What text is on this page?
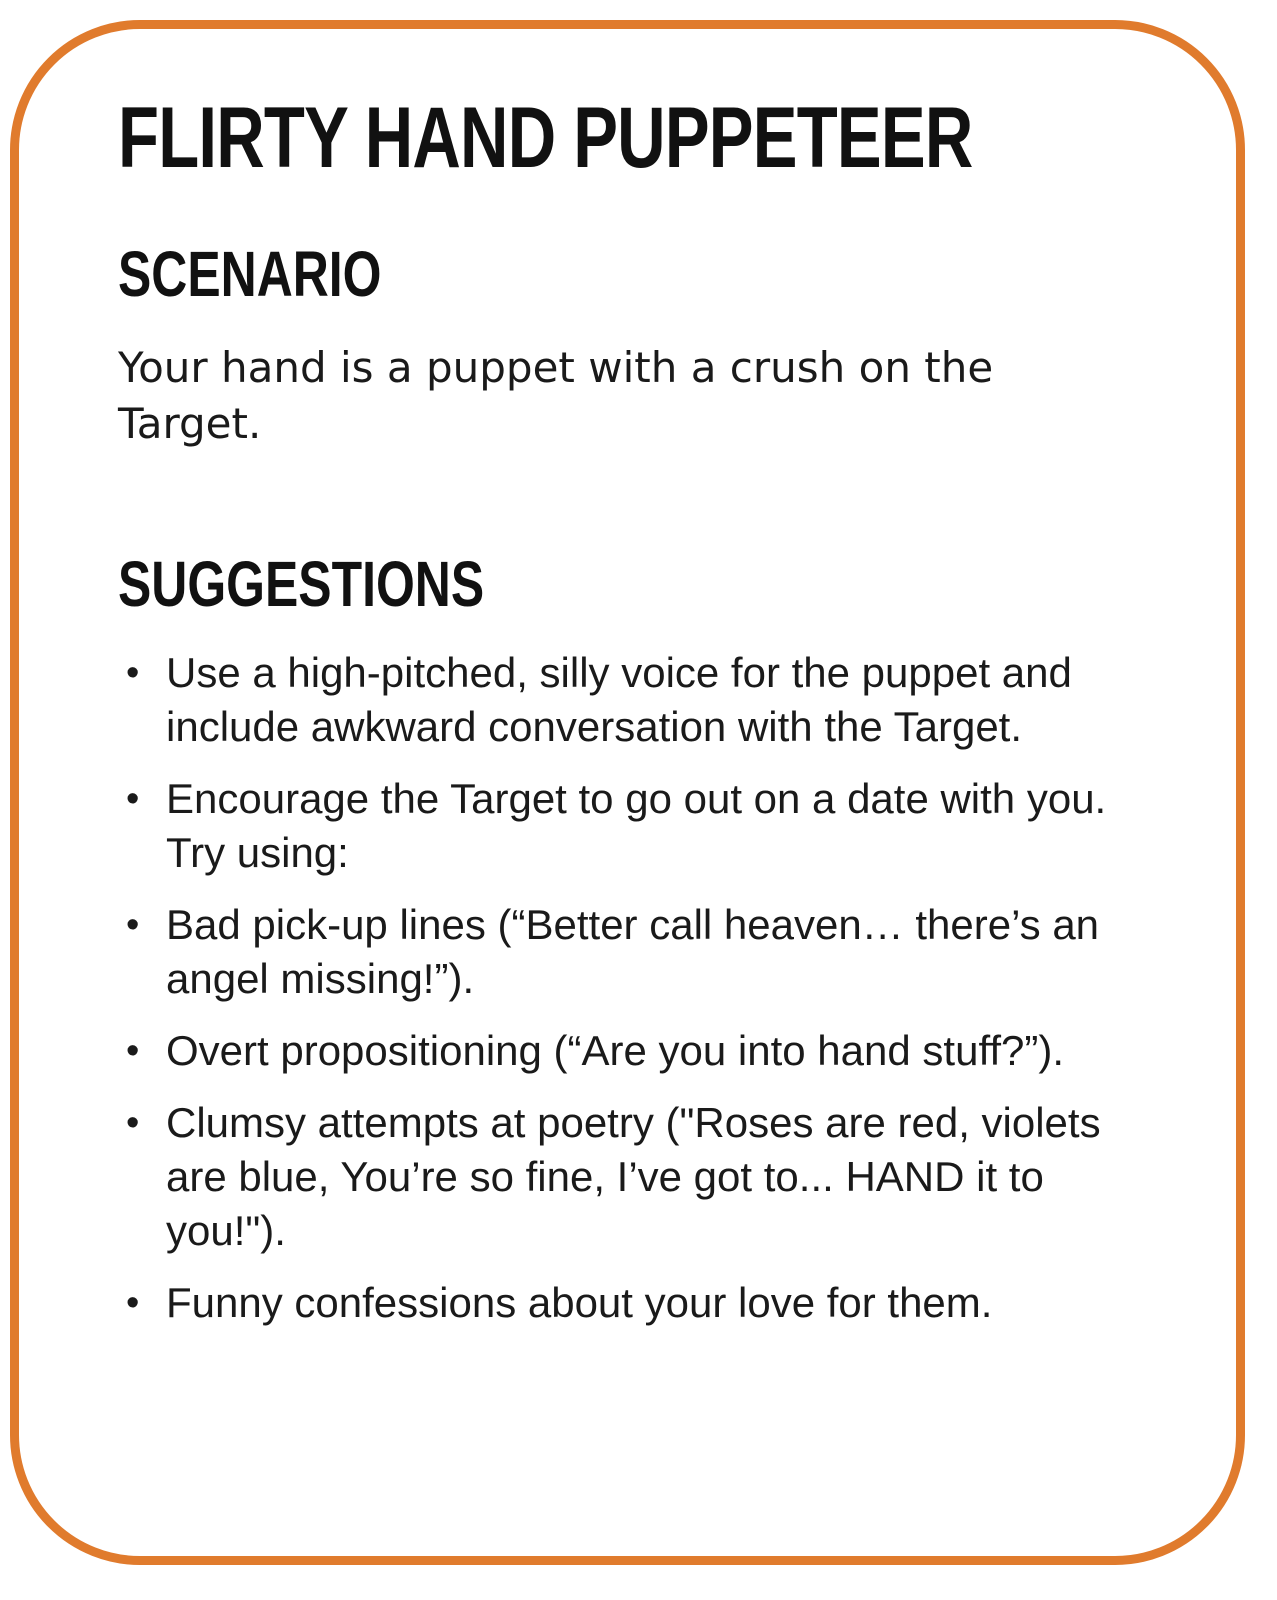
FLIRTY HAND PUPPETEER
SCENARIO

Your hand is a puppet with a crush on the Target.

SUGGESTIONS
• Use a high-pitched, silly voice for the puppet and include awkward conversation with the Target.
• Encourage the Target to go out on a date with you. Try using:
• Bad pick-up lines (“Better call heaven… there’s an angel missing!”).
• Overt propositioning (“Are you into hand stuff?”).
• Clumsy attempts at poetry ("Roses are red, violets are blue, You’re so fine, I’ve got to... HAND it to you!").
• Funny confessions about your love for them.
